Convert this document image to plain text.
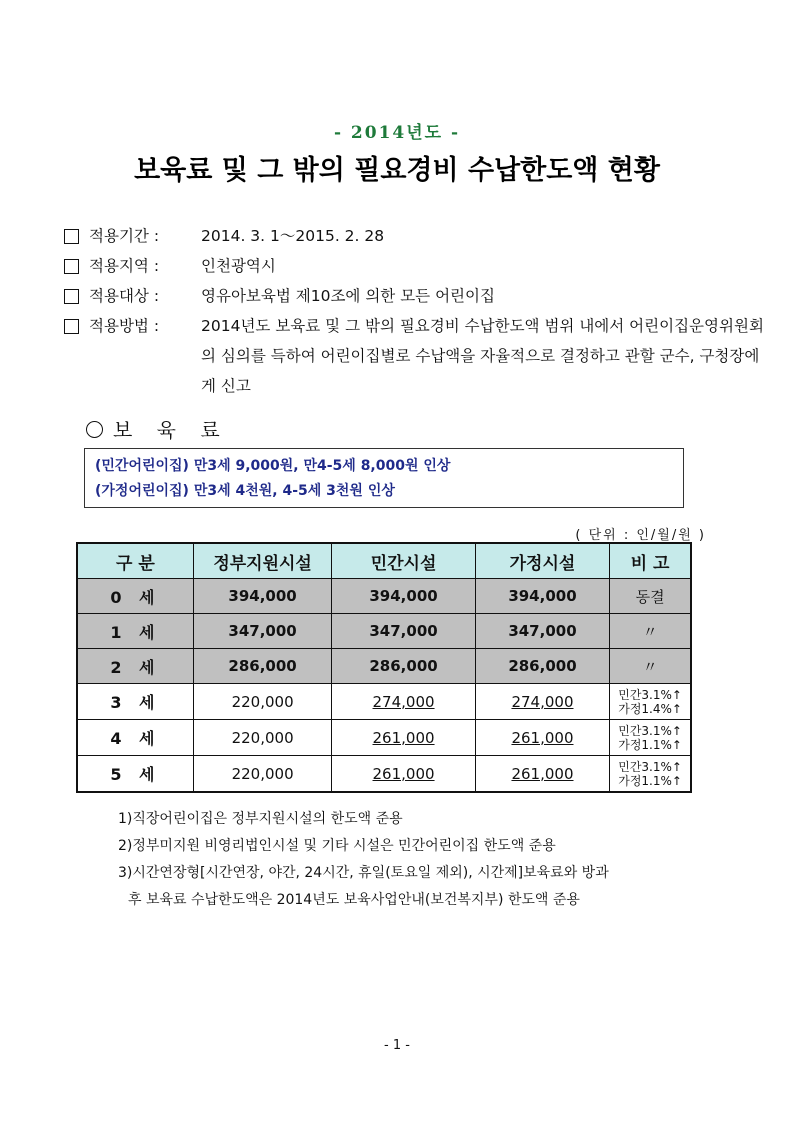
- 2014년도 -
보육료 및 그 밖의 필요경비 수납한도액 현황
적용기간 :	2014. 3. 1～2015. 2. 28
적용지역 :	인천광역시
적용대상 :	영유아보육법 제10조에 의한 모든 어린이집
적용방법 :	2014년도 보육료 및 그 밖의 필요경비 수납한도액 범위 내에서 어린이집운영위원회의 심의를 득하여 어린이집별로 수납액을 자율적으로 결정하고 관할 군수, 구청장에게 신고
보 육 료
(민간어린이집) 만3세 9,000원, 만4-5세 8,000원 인상
(가정어린이집) 만3세 4천원, 4-5세 3천원 인상
( 단위 : 인/월/원 )
구 분	정부지원시설	민간시설	가정시설	비 고
0 세	394,000	394,000	394,000	동결
1 세	347,000	347,000	347,000	〃
2 세	286,000	286,000	286,000	〃
3 세	220,000	274,000	274,000	민간3.1%↑
가정1.4%↑

4 세	220,000	261,000	261,000	민간3.1%↑
가정1.1%↑

5 세	220,000	261,000	261,000	민간3.1%↑
가정1.1%↑
1)직장어린이집은 정부지원시설의 한도액 준용
2)정부미지원 비영리법인시설 및 기타 시설은 민간어린이집 한도액 준용
3)시간연장형[시간연장, 야간, 24시간, 휴일(토요일 제외), 시간제]보육료와 방과
후 보육료 수납한도액은 2014년도 보육사업안내(보건복지부) 한도액 준용
- 1 -
